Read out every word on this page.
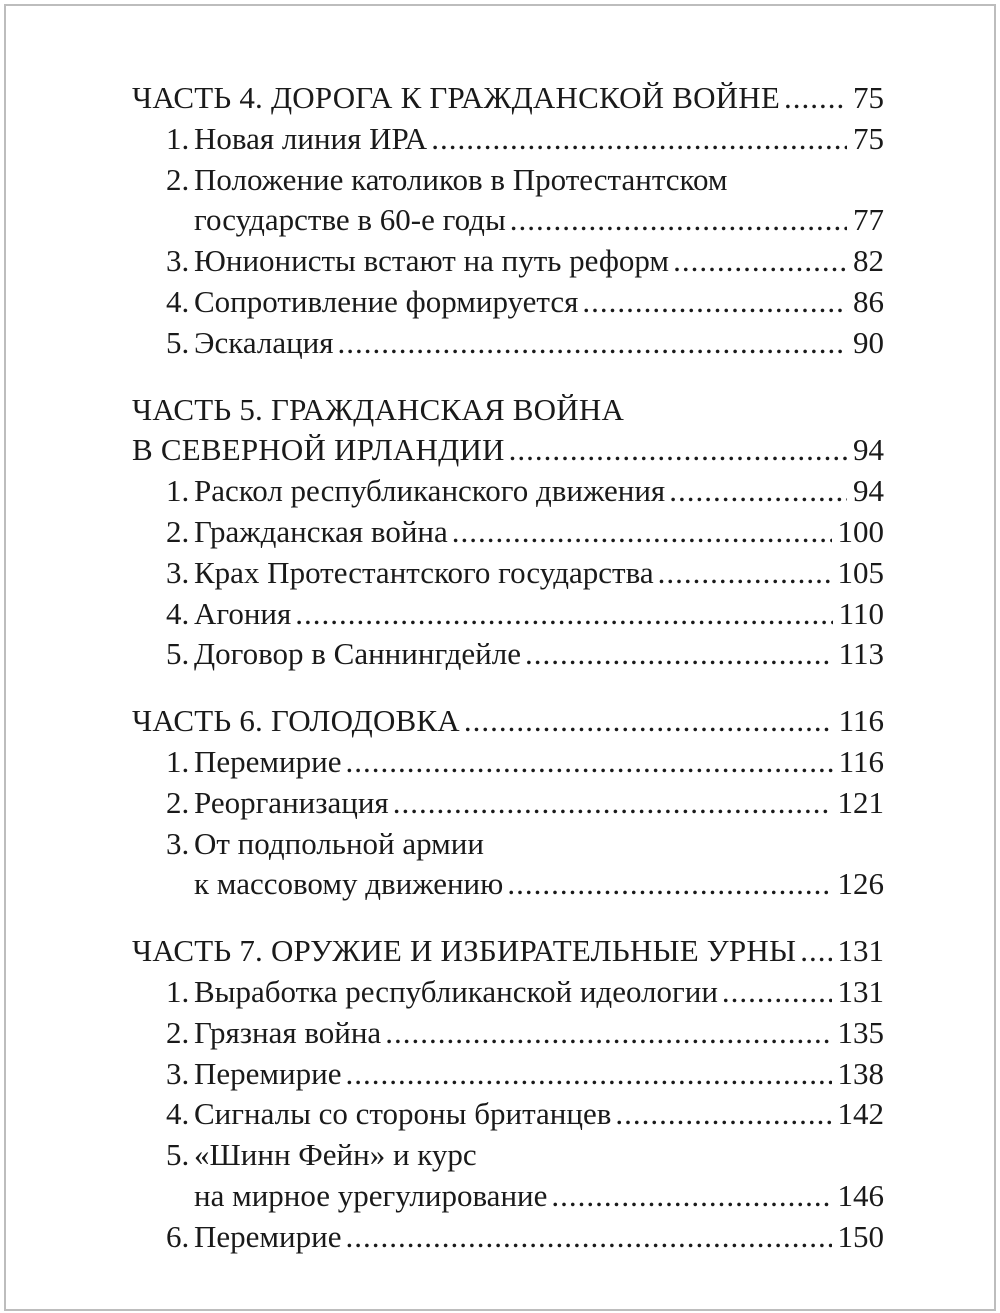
ЧАСТЬ 4. ДОРОГА К ГРАЖДАНСКОЙ ВОЙНЕ ..... 75
1. Новая линия ИРА .....	75
2. Положение католиков в Протестантском
государстве в 60-е годы .....	77
3. Юнионисты встают на путь реформ .....	82
4. Сопротивление формируется .....	86
5. Эскалация .....	90
ЧАСТЬ 5. ГРАЖДАНСКАЯ ВОЙНА
В СЕВЕРНОЙ ИРЛАНДИИ .....	94
1. Раскол республиканского движения .....	94
2. Гражданская война .....	100
3. Крах Протестантского государства .....	105
4. Агония .....	110
5. Договор в Саннингдейле .....	113
ЧАСТЬ 6. ГОЛОДОВКА .....	116
1. Перемирие .....	116
2. Реорганизация .....	121
3. От подпольной армии
к массовому движению .....	126
ЧАСТЬ 7. ОРУЖИЕ И ИЗБИРАТЕЛЬНЫЕ УРНЫ ..... 131
1. Выработка республиканской идеологии .....	131
2. Грязная война .....	135
3. Перемирие .....	138
4. Сигналы со стороны британцев .....	142
5. «Шинн Фейн» и курс
на мирное урегулирование .....	146
6. Перемирие .....	150
